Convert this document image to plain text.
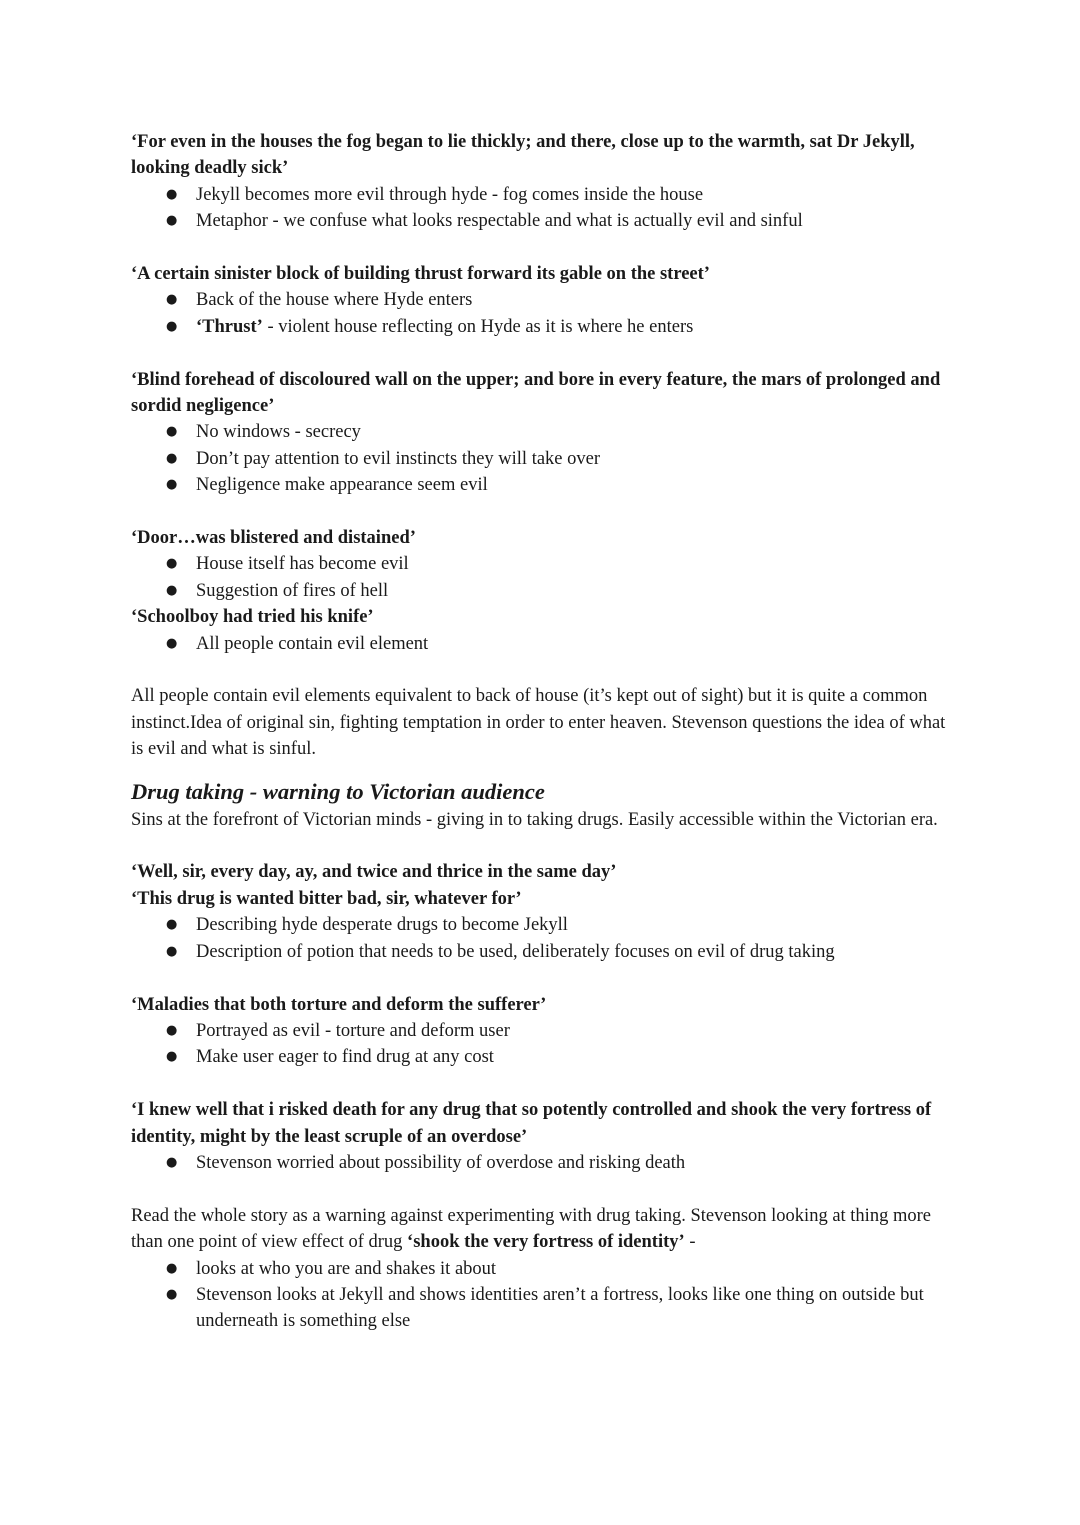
‘For even in the houses the fog began to lie thickly; and there, close up to the warmth, sat Dr Jekyll, looking deadly sick’

● Jekyll becomes more evil through hyde - fog comes inside the house
● Metaphor - we confuse what looks respectable and what is actually evil and sinful

‘A certain sinister block of building thrust forward its gable on the street’

● Back of the house where Hyde enters
● ‘Thrust’ - violent house reflecting on Hyde as it is where he enters

‘Blind forehead of discoloured wall on the upper; and bore in every feature, the mars of prolonged and sordid negligence’

● No windows - secrecy
● Don’t pay attention to evil instincts they will take over
● Negligence make appearance seem evil

‘Door…was blistered and distained’

● House itself has become evil
● Suggestion of fires of hell

‘Schoolboy had tried his knife’

● All people contain evil element

All people contain evil elements equivalent to back of house (it’s kept out of sight) but it is quite a common instinct.Idea of original sin, fighting temptation in order to enter heaven. Stevenson questions the idea of what is evil and what is sinful.

Drug taking - warning to Victorian audience

Sins at the forefront of Victorian minds - giving in to taking drugs. Easily accessible within the Victorian era.

‘Well, sir, every day, ay, and twice and thrice in the same day’

‘This drug is wanted bitter bad, sir, whatever for’

● Describing hyde desperate drugs to become Jekyll
● Description of potion that needs to be used, deliberately focuses on evil of drug taking

‘Maladies that both torture and deform the sufferer’

● Portrayed as evil - torture and deform user
● Make user eager to find drug at any cost

‘I knew well that i risked death for any drug that so potently controlled and shook the very fortress of identity, might by the least scruple of an overdose’

● Stevenson worried about possibility of overdose and risking death

Read the whole story as a warning against experimenting with drug taking. Stevenson looking at thing more than one point of view effect of drug ‘shook the very fortress of identity’ -

● looks at who you are and shakes it about
● Stevenson looks at Jekyll and shows identities aren’t a fortress, looks like one thing on outside but underneath is something else
